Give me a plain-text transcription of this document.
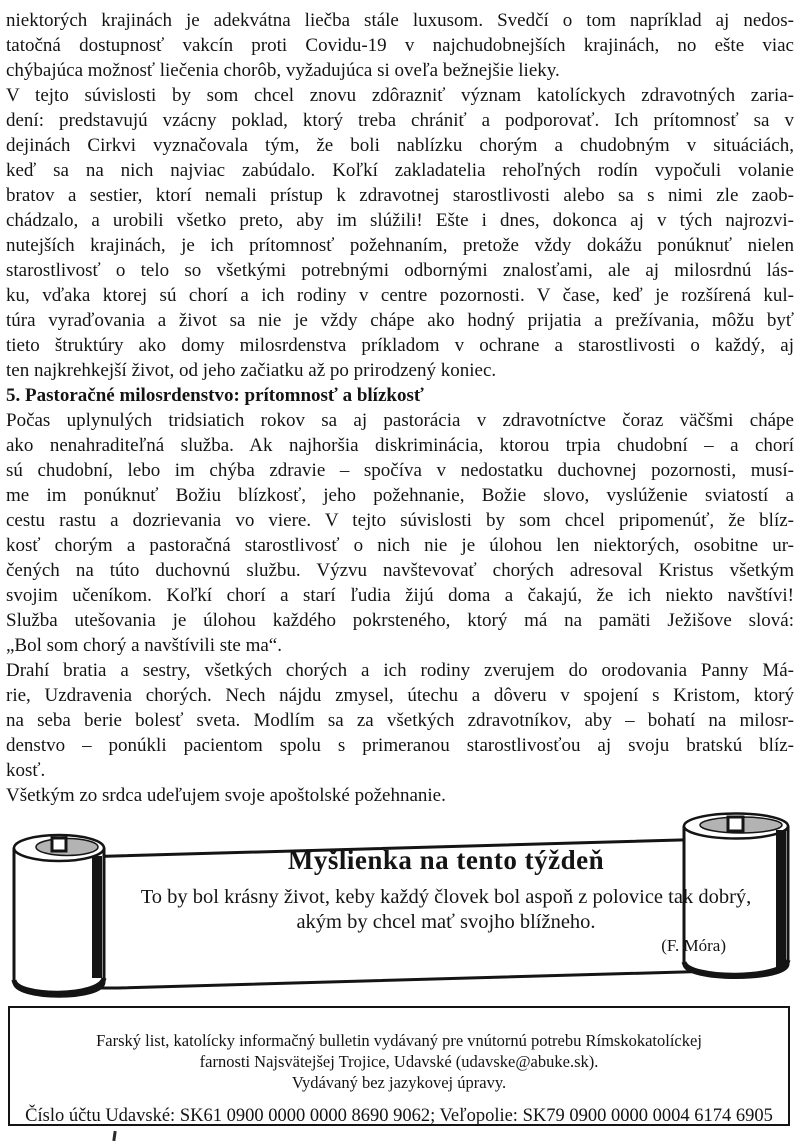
niektorých krajinách je adekvátna liečba stále luxusom. Svedčí o tom napríklad aj nedos-
tatočná dostupnosť vakcín proti Covidu-19 v najchudobnejších krajinách, no ešte viac
chýbajúca možnosť liečenia chorôb, vyžadujúca si oveľa bežnejšie lieky.
V tejto súvislosti by som chcel znovu zdôrazniť význam katolíckych zdravotných zaria-
dení: predstavujú vzácny poklad, ktorý treba chrániť a podporovať. Ich prítomnosť sa v
dejinách Cirkvi vyznačovala tým, že boli nablízku chorým a chudobným v situáciách,
keď sa na nich najviac zabúdalo. Koľkí zakladatelia rehoľných rodín vypočuli volanie
bratov a sestier, ktorí nemali prístup k zdravotnej starostlivosti alebo sa s nimi zle zaob-
chádzalo, a urobili všetko preto, aby im slúžili! Ešte i dnes, dokonca aj v tých najrozvi-
nutejších krajinách, je ich prítomnosť požehnaním, pretože vždy dokážu ponúknuť nielen
starostlivosť o telo so všetkými potrebnými odbornými znalosťami, ale aj milosrdnú lás-
ku, vďaka ktorej sú chorí a ich rodiny v centre pozornosti. V čase, keď je rozšírená kul-
túra vyraďovania a život sa nie je vždy chápe ako hodný prijatia a prežívania, môžu byť
tieto štruktúry ako domy milosrdenstva príkladom v ochrane a starostlivosti o každý, aj
ten najkrehkejší život, od jeho začiatku až po prirodzený koniec.
5. Pastoračné milosrdenstvo: prítomnosť a blízkosť
Počas uplynulých tridsiatich rokov sa aj pastorácia v zdravotníctve čoraz väčšmi chápe
ako nenahraditeľná služba. Ak najhoršia diskriminácia, ktorou trpia chudobní – a chorí
sú chudobní, lebo im chýba zdravie – spočíva v nedostatku duchovnej pozornosti, musí-
me im ponúknuť Božiu blízkosť, jeho požehnanie, Božie slovo, vyslúženie sviatostí a
cestu rastu a dozrievania vo viere. V tejto súvislosti by som chcel pripomenúť, že blíz-
kosť chorým a pastoračná starostlivosť o nich nie je úlohou len niektorých, osobitne ur-
čených na túto duchovnú službu. Výzvu navštevovať chorých adresoval Kristus všetkým
svojim učeníkom. Koľkí chorí a starí ľudia žijú doma a čakajú, že ich niekto navštívi!
Služba utešovania je úlohou každého pokrsteného, ktorý má na pamäti Ježišove slová:
„Bol som chorý a navštívili ste ma“.
Drahí bratia a sestry, všetkých chorých a ich rodiny zverujem do orodovania Panny Má-
rie, Uzdravenia chorých. Nech nájdu zmysel, útechu a dôveru v spojení s Kristom, ktorý
na seba berie bolesť sveta. Modlím sa za všetkých zdravotníkov, aby – bohatí na milosr-
denstvo – ponúkli pacientom spolu s primeranou starostlivosťou aj svoju bratskú blíz-
kosť.
Všetkým zo srdca udeľujem svoje apoštolské požehnanie.
Myšlienka na tento týždeň
To by bol krásny život, keby každý človek bol aspoň z polovice tak dobrý,
akým by chcel mať svojho blížneho.
(F. Móra)
Farský list, katolícky informačný bulletin vydávaný pre vnútornú potrebu Rímskokatolíckej
farnosti Najsvätejšej Trojice, Udavské (udavske@abuke.sk).
Vydávaný bez jazykovej úpravy.
Číslo účtu Udavské: SK61 0900 0000 0000 8690 9062; Veľopolie: SK79 0900 0000 0004 6174 6905
